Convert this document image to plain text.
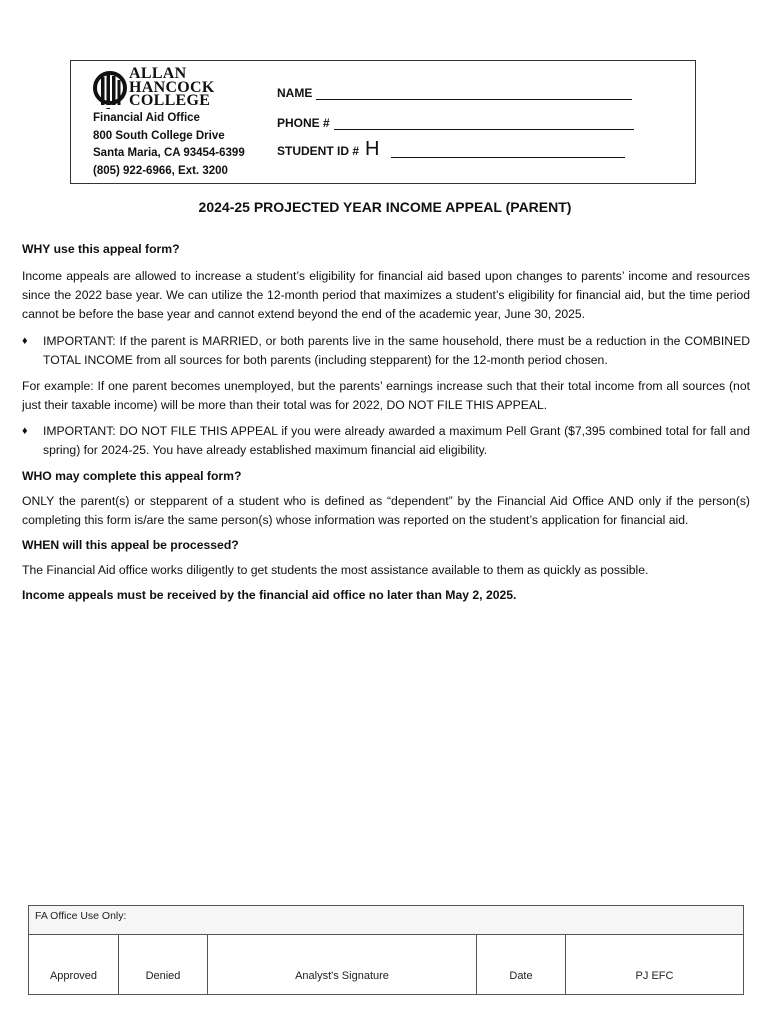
ALLAN
HANCOCK
COLLEGE
Financial Aid Office
800 South College Drive
Santa Maria, CA 93454-6399
(805) 922-6966, Ext. 3200
NAME
PHONE #
STUDENT ID # H
2024-25 PROJECTED YEAR INCOME APPEAL (PARENT)

WHY use this appeal form?

Income appeals are allowed to increase a student’s eligibility for financial aid based upon changes to parents’ income and resources since the 2022 base year. We can utilize the 12-month period that maximizes a student’s eligibility for financial aid, but the time period cannot be before the base year and cannot extend beyond the end of the academic year, June 30, 2025.

♦	IMPORTANT: If the parent is MARRIED, or both parents live in the same household, there must be a reduction in the COMBINED TOTAL INCOME from all sources for both parents (including stepparent) for the 12-month period chosen.

For example: If one parent becomes unemployed, but the parents’ earnings increase such that their total income from all sources (not just their taxable income) will be more than their total was for 2022, DO NOT FILE THIS APPEAL.

♦	IMPORTANT: DO NOT FILE THIS APPEAL if you were already awarded a maximum Pell Grant ($7,395 combined total for fall and spring) for 2024-25. You have already established maximum financial aid eligibility.

WHO may complete this appeal form?

ONLY the parent(s) or stepparent of a student who is defined as “dependent” by the Financial Aid Office AND only if the person(s) completing this form is/are the same person(s) whose information was reported on the student’s application for financial aid.

WHEN will this appeal be processed?

The Financial Aid office works diligently to get students the most assistance available to them as quickly as possible.

Income appeals must be received by the financial aid office no later than May 2, 2025.

FA Office Use Only:
Approved	Denied	Analyst's Signature	Date	PJ EFC
